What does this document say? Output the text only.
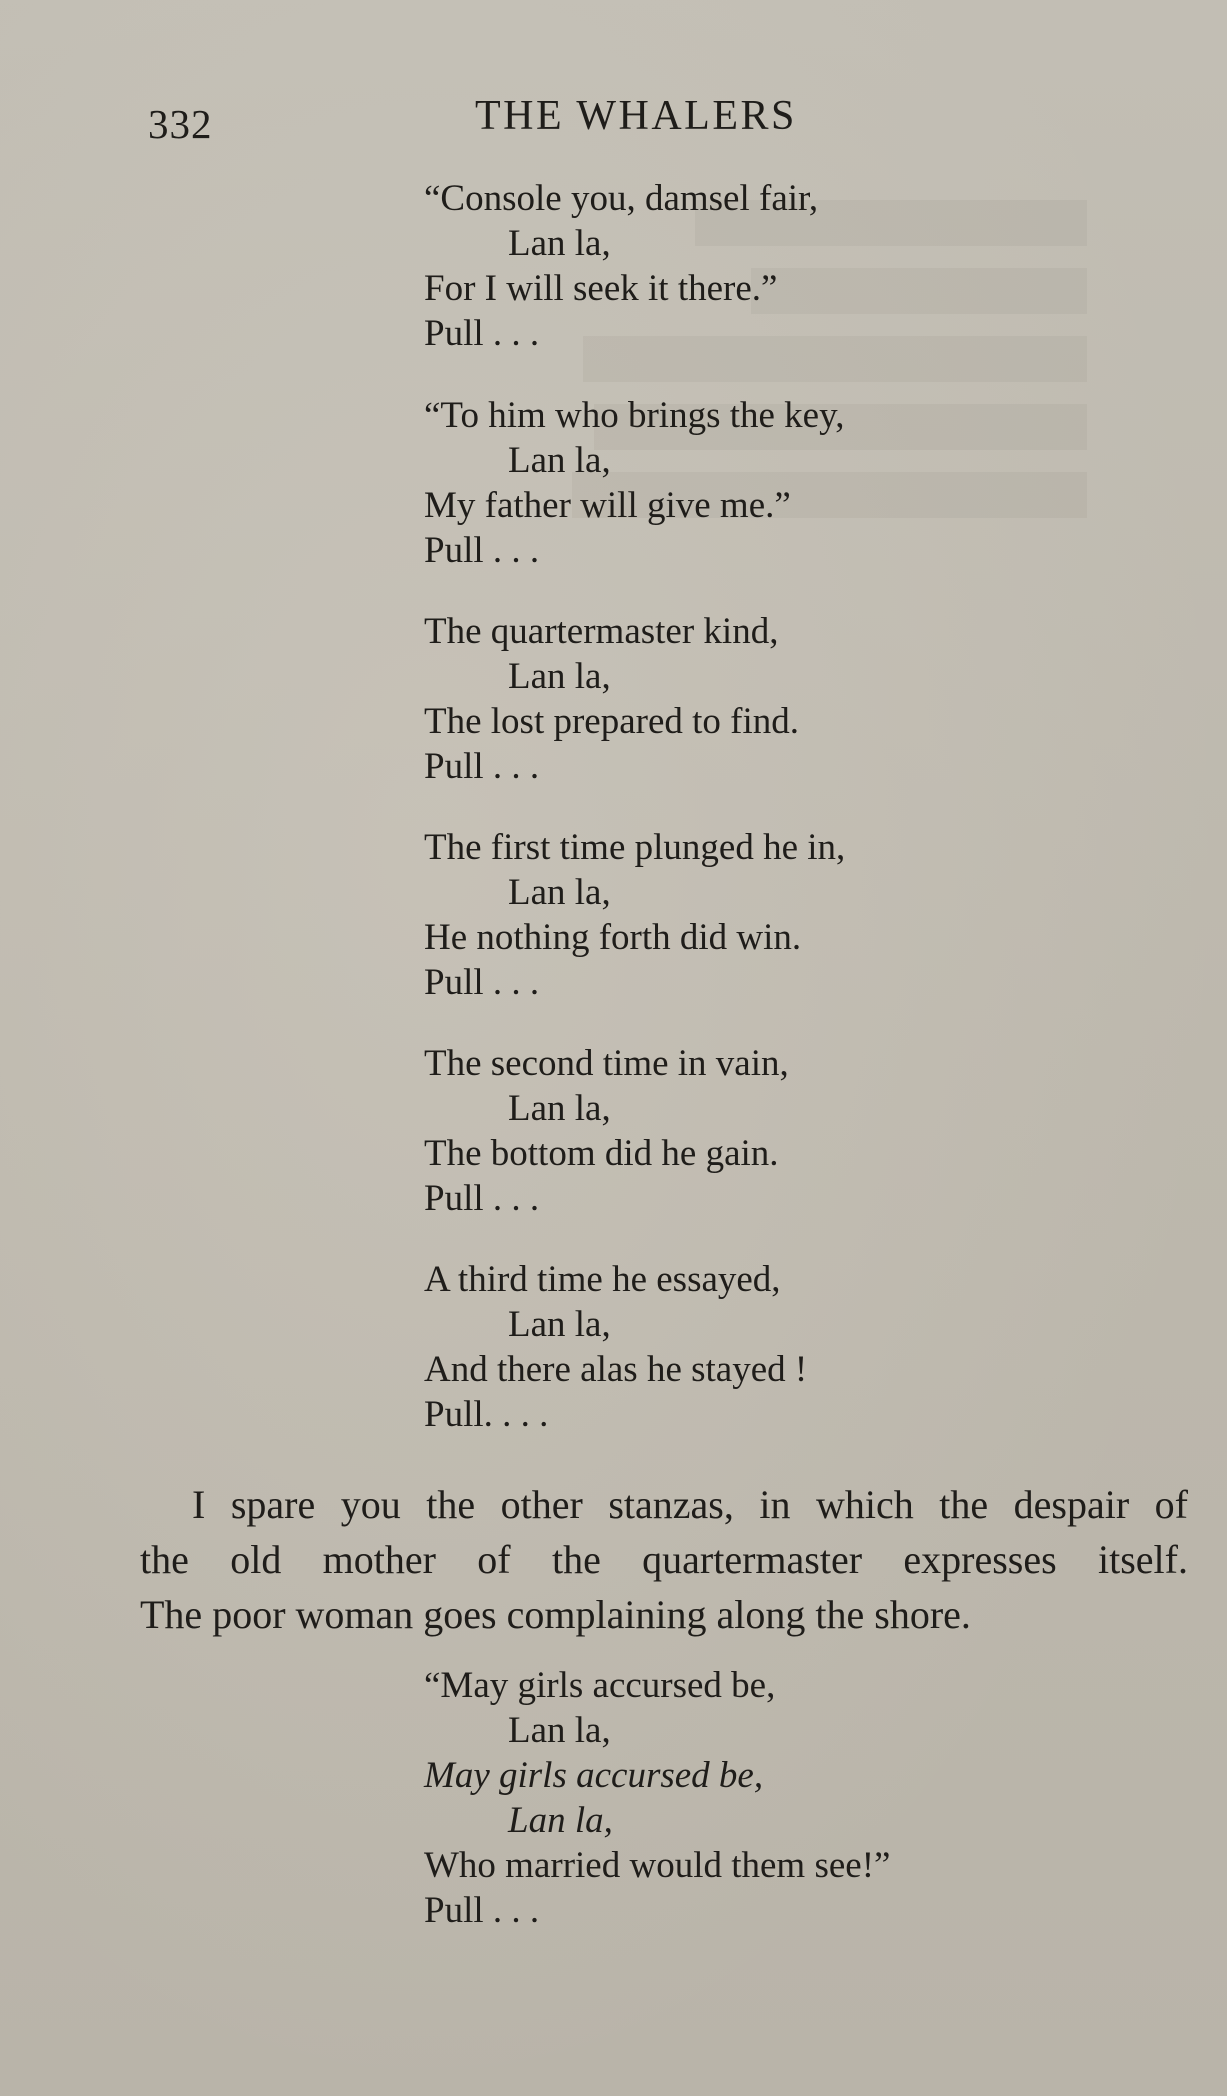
332	THE WHALERS
“Console you, damsel fair,
Lan la,
For I will seek it there.”
Pull . . .
“To him who brings the key,
Lan la,
My father will give me.”
Pull . . .
The quartermaster kind,
Lan la,
The lost prepared to find.
Pull . . .
The first time plunged he in,
Lan la,
He nothing forth did win.
Pull . . .
The second time in vain,
Lan la,
The bottom did he gain.
Pull . . .
A third time he essayed,
Lan la,
And there alas he stayed !
Pull. . . .
I spare you the other stanzas, in which the despair of
the old mother of the quartermaster expresses itself.
The poor woman goes complaining along the shore.
“May girls accursed be,
Lan la,
May girls accursed be,
Lan la,
Who married would them see!”
Pull . . .
